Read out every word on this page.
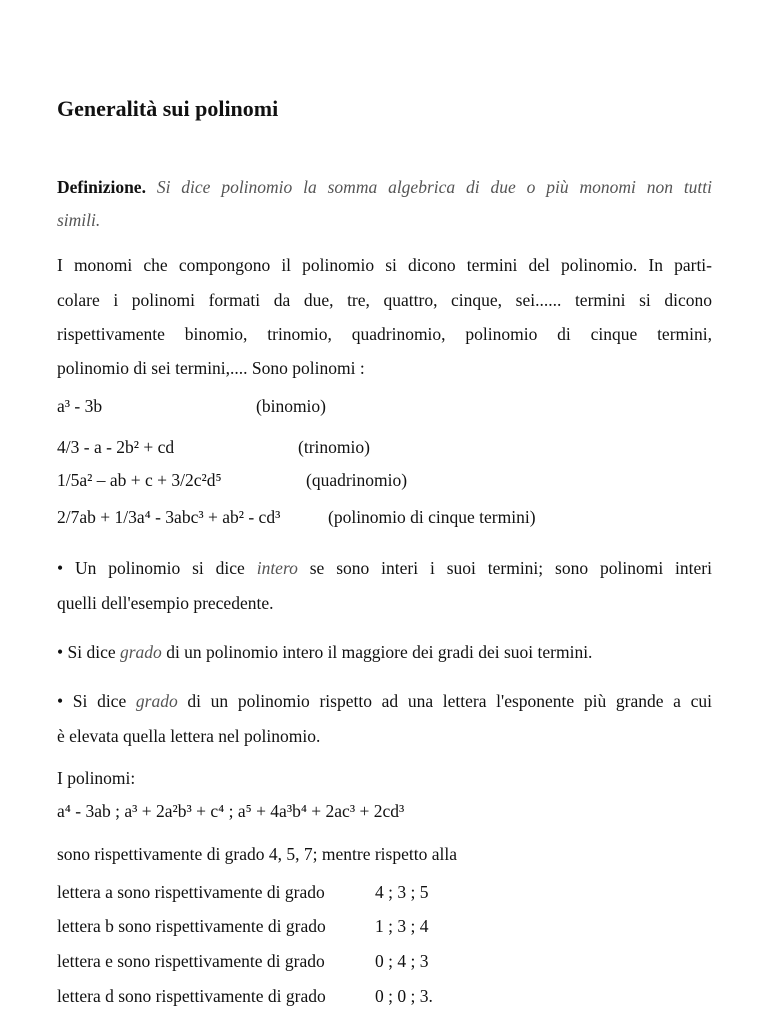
Generalità sui polinomi
Definizione. Si dice polinomio la somma algebrica di due o più monomi non tutti
simili.
I monomi che compongono il polinomio si dicono termini del polinomio. In parti-
colare i polinomi formati da due, tre, quattro, cinque, sei...... termini si dicono
rispettivamente binomio, trinomio, quadrinomio, polinomio di cinque termini,
polinomio di sei termini,.... Sono polinomi :
a³ - 3b	(binomio)
4/3 - a - 2b² + cd	(trinomio)
1/5a² – ab + c + 3/2c²d⁵	(quadrinomio)
2/7ab + 1/3a⁴ - 3abc³ + ab² - cd³	(polinomio di cinque termini)
• Un polinomio si dice intero se sono interi i suoi termini; sono polinomi interi
quelli dell'esempio precedente.
• Si dice grado di un polinomio intero il maggiore dei gradi dei suoi termini.
• Si dice grado di un polinomio rispetto ad una lettera l'esponente più grande a cui
è elevata quella lettera nel polinomio.
I polinomi:
a⁴ - 3ab ; a³ + 2a²b³ + c⁴ ; a⁵ + 4a³b⁴ + 2ac³ + 2cd³
sono rispettivamente di grado 4, 5, 7; mentre rispetto alla
lettera a sono rispettivamente di grado	4 ; 3 ; 5
lettera b sono rispettivamente di grado	1 ; 3 ; 4
lettera e sono rispettivamente di grado	0 ; 4 ; 3
lettera d sono rispettivamente di grado	0 ; 0 ; 3.
